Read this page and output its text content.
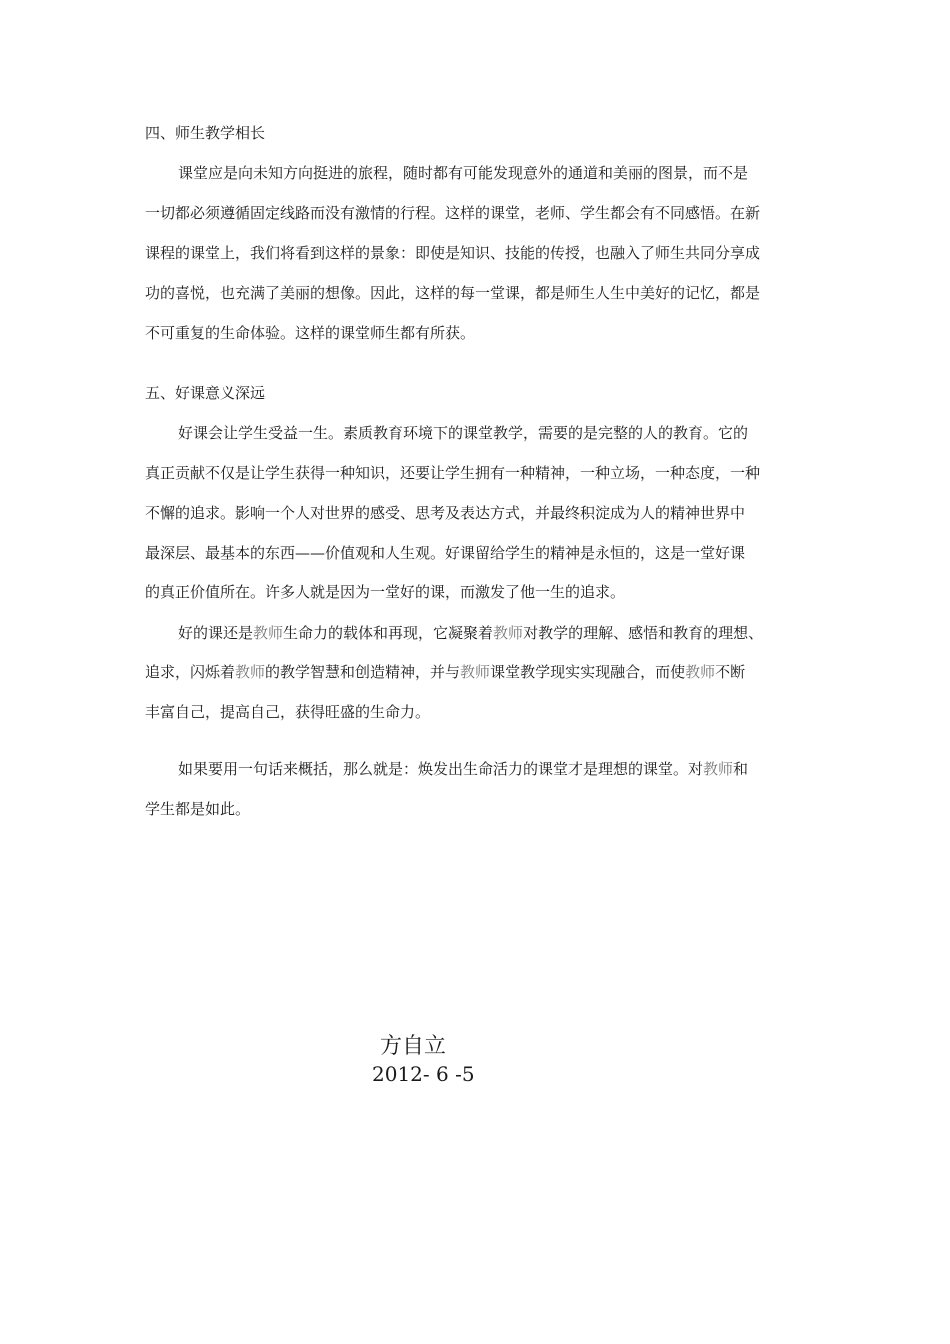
四、师生教学相长
课堂应是向未知方向挺进的旅程，随时都有可能发现意外的通道和美丽的图景，而不是
一切都必须遵循固定线路而没有激情的行程。这样的课堂，老师、学生都会有不同感悟。在新
课程的课堂上，我们将看到这样的景象：即使是知识、技能的传授，也融入了师生共同分享成
功的喜悦，也充满了美丽的想像。因此，这样的每一堂课，都是师生人生中美好的记忆，都是
不可重复的生命体验。这样的课堂师生都有所获。
五、好课意义深远
好课会让学生受益一生。素质教育环境下的课堂教学，需要的是完整的人的教育。它的
真正贡献不仅是让学生获得一种知识，还要让学生拥有一种精神，一种立场，一种态度，一种
不懈的追求。影响一个人对世界的感受、思考及表达方式，并最终积淀成为人的精神世界中
最深层、最基本的东西——价值观和人生观。好课留给学生的精神是永恒的，这是一堂好课
的真正价值所在。许多人就是因为一堂好的课，而激发了他一生的追求。
好的课还是教师生命力的载体和再现，它凝聚着教师对教学的理解、感悟和教育的理想、
追求，闪烁着教师的教学智慧和创造精神，并与教师课堂教学现实实现融合，而使教师不断
丰富自己，提高自己，获得旺盛的生命力。
如果要用一句话来概括，那么就是：焕发出生命活力的课堂才是理想的课堂。对教师和
学生都是如此。
方自立
2012- 6 -5
